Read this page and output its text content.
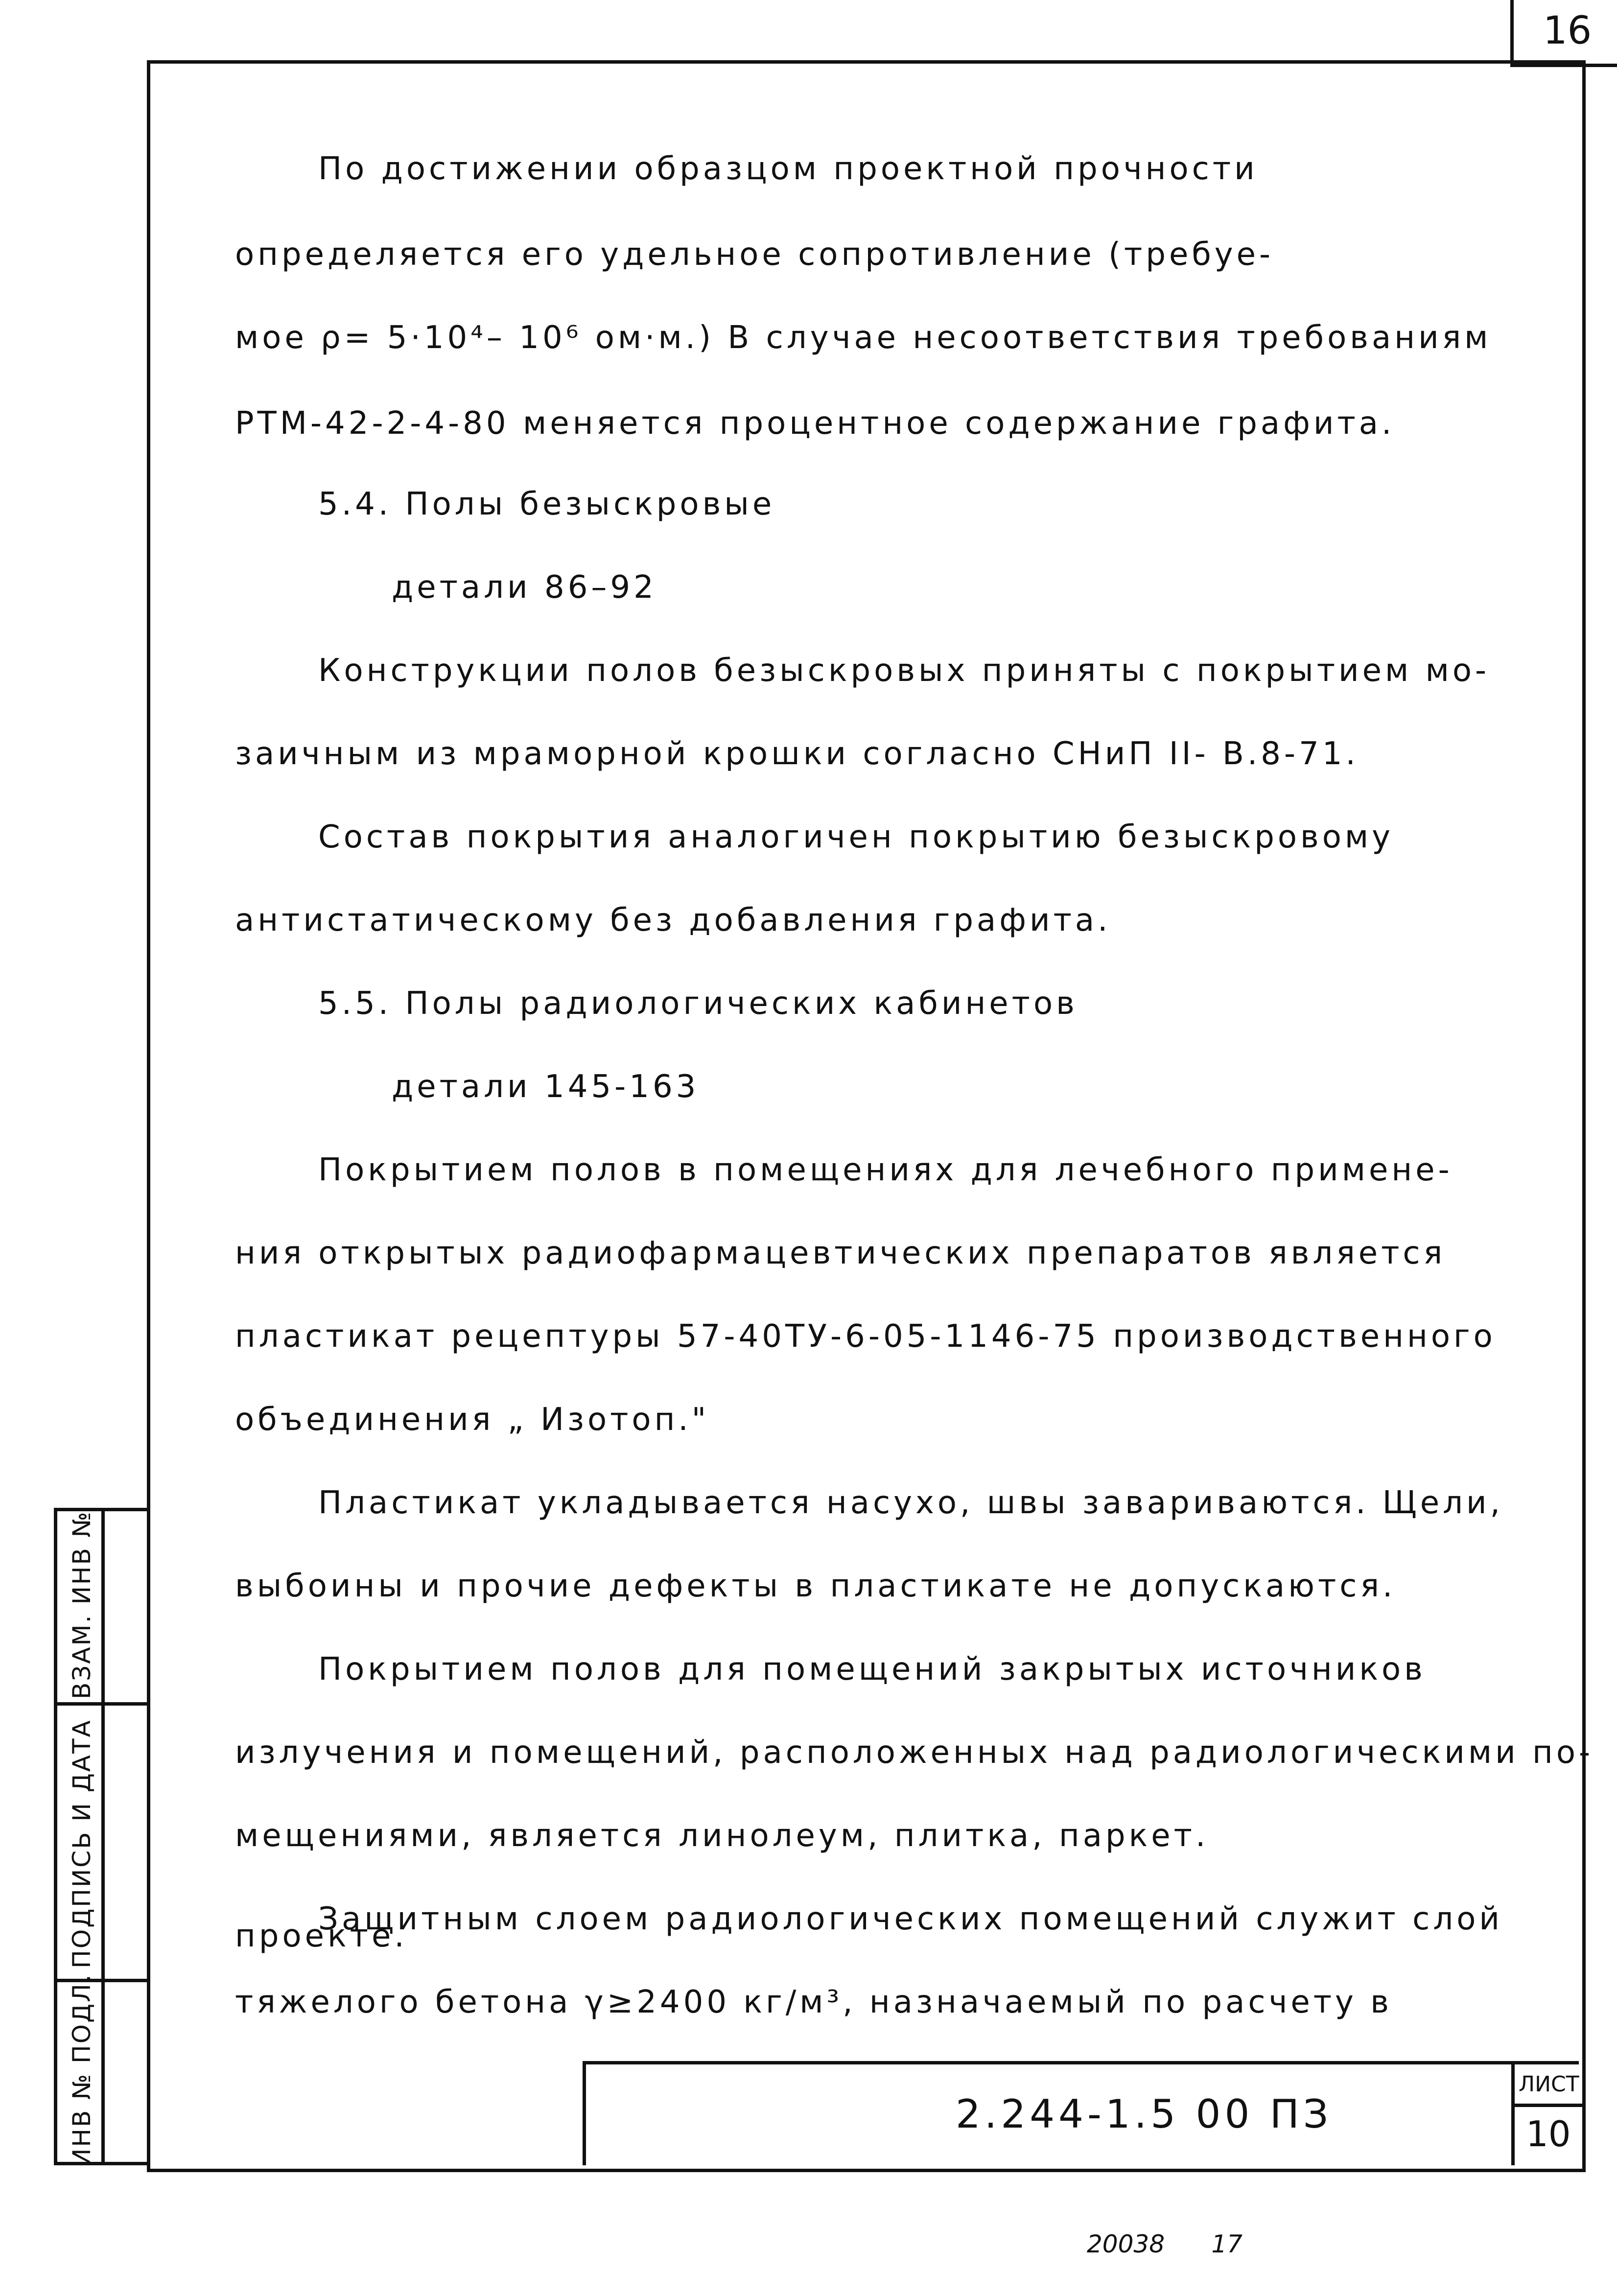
16
По достижении образцом проектной прочности
определяется его удельное сопротивление (требуе-
мое ρ= 5·10⁴– 10⁶ ом·м.) В случае несоответствия требованиям
РТМ-42-2-4-80 меняется процентное содержание графита.
5.4. Полы безыскровые
детали 86–92
Конструкции полов безыскровых приняты с покрытием мо-
заичным из мраморной крошки согласно СНиП II- В.8-71.
Состав покрытия аналогичен покрытию безыскровому
антистатическому без добавления графита.
5.5. Полы радиологических кабинетов
детали 145-163
Покрытием полов в помещениях для лечебного примене-
ния открытых радиофармацевтических препаратов является
пластикат рецептуры 57-40ТУ-6-05-1146-75 производственного
объединения „ Изотоп."
Пластикат укладывается насухо, швы завариваются. Щели,
выбоины и прочие дефекты в пластикате не допускаются.
Покрытием полов для помещений закрытых источников
излучения и помещений, расположенных над радиологическими по-
мещениями, является линолеум, плитка, паркет.
Защитным слоем радиологических помещений служит слой
тяжелого бетона γ≥2400 кг/м³, назначаемый по расчету в
проекте.
ВЗАМ. ИНВ №
ПОДПИСЬ И ДАТА
ИНВ № ПОДЛ.	2.244-1.5 00 ПЗ
ЛИСТ
10
20038      17
